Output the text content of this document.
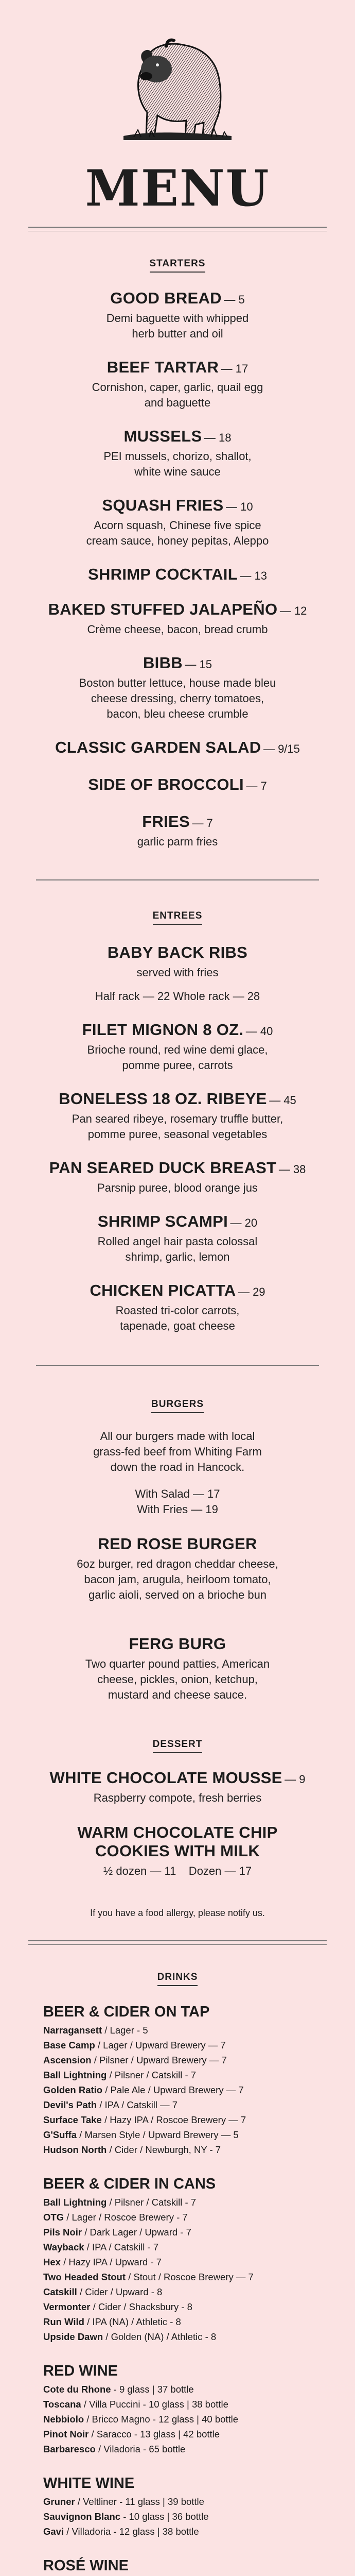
MENU
STARTERS
GOOD BREAD — 5
Demi baguette with whipped
herb butter and oil
BEEF TARTAR — 17
Cornishon, caper, garlic, quail egg
and baguette
MUSSELS — 18
PEI mussels, chorizo, shallot,
white wine sauce
SQUASH FRIES — 10
Acorn squash, Chinese five spice
cream sauce, honey pepitas, Aleppo
SHRIMP COCKTAIL — 13
BAKED STUFFED JALAPEÑO — 12
Crème cheese, bacon, bread crumb
BIBB — 15
Boston butter lettuce, house made bleu
cheese dressing, cherry tomatoes,
bacon, bleu cheese crumble
CLASSIC GARDEN SALAD — 9/15
SIDE OF BROCCOLI — 7
FRIES — 7
garlic parm fries
ENTREES
BABY BACK RIBS
served with fries
Half rack — 22 Whole rack — 28
FILET MIGNON 8 OZ. — 40
Brioche round, red wine demi glace,
pomme puree, carrots
BONELESS 18 OZ. RIBEYE — 45
Pan seared ribeye, rosemary truffle butter,
pomme puree, seasonal vegetables
PAN SEARED DUCK BREAST — 38
Parsnip puree, blood orange jus
SHRIMP SCAMPI — 20
Rolled angel hair pasta colossal
shrimp, garlic, lemon
CHICKEN PICATTA — 29
Roasted tri-color carrots,
tapenade, goat cheese
BURGERS
All our burgers made with local
grass-fed beef from Whiting Farm
down the road in Hancock.
With Salad — 17
With Fries — 19
RED ROSE BURGER
6oz burger, red dragon cheddar cheese,
bacon jam, arugula, heirloom tomato,
garlic aioli, served on a brioche bun
FERG BURG
Two quarter pound patties, American
cheese, pickles, onion, ketchup,
mustard and cheese sauce.
DESSERT
WHITE CHOCOLATE MOUSSE — 9
Raspberry compote, fresh berries
WARM CHOCOLATE CHIP
COOKIES WITH MILK
½ dozen — 11    Dozen — 17
If you have a food allergy, please notify us.
DRINKS
BEER & CIDER ON TAP
Narragansett / Lager - 5
Base Camp / Lager / Upward Brewery — 7
Ascension / Pilsner / Upward Brewery — 7
Ball Lightning / Pilsner / Catskill - 7
Golden Ratio / Pale Ale / Upward Brewery — 7
Devil's Path / IPA / Catskill — 7
Surface Take / Hazy IPA / Roscoe Brewery — 7
G'Suffa / Marsen Style / Upward Brewery — 5
Hudson North / Cider / Newburgh, NY - 7
BEER & CIDER IN CANS
Ball Lightning / Pilsner / Catskill - 7
OTG / Lager / Roscoe Brewery - 7
Pils Noir / Dark Lager / Upward - 7
Wayback / IPA / Catskill - 7
Hex / Hazy IPA / Upward - 7
Two Headed Stout / Stout / Roscoe Brewery — 7
Catskill / Cider / Upward - 8
Vermonter / Cider / Shacksbury - 8
Run Wild / IPA (NA) / Athletic - 8
Upside Dawn / Golden (NA) / Athletic - 8
RED WINE
Cote du Rhone - 9 glass | 37 bottle
Toscana / Villa Puccini - 10 glass | 38 bottle
Nebbiolo / Bricco Magno - 12 glass | 40 bottle
Pinot Noir / Saracco - 13 glass | 42 bottle
Barbaresco / Viladoria - 65 bottle
WHITE WINE
Gruner / Veltliner - 11 glass | 39 bottle
Sauvignon Blanc - 10 glass | 36 bottle
Gavi / Villadoria - 12 glass | 38 bottle
ROSÉ WINE
